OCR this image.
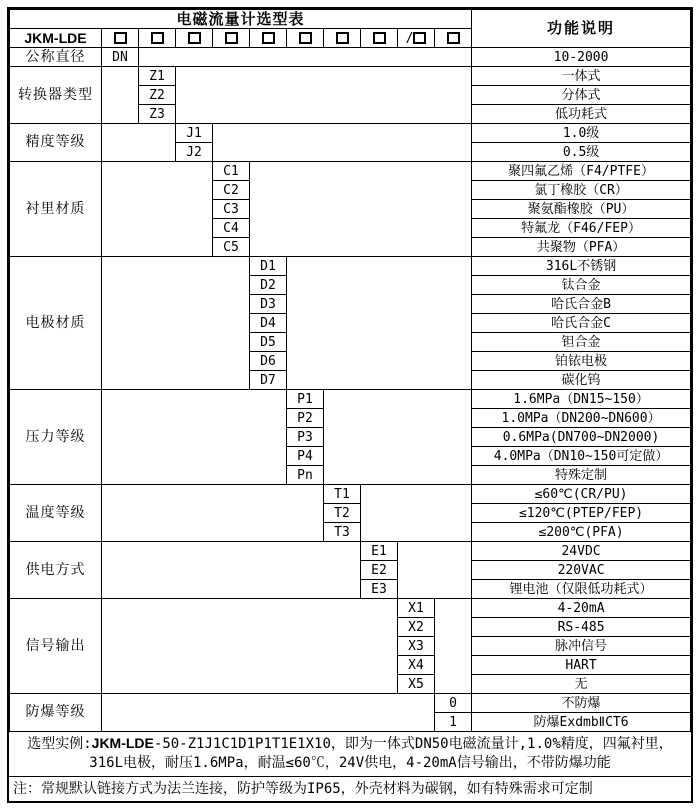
电磁流量计选型表											功能说明
JKM-LDE									/		
公称直径	DN										10-2000
转换器类型		Z1									一体式
		Z2									分体式
		Z3									低功耗式
精度等级			J1								1.0级
			J2								0.5级
衬里材质				C1							聚四氟乙烯（F4/PTFE）
				C2							氯丁橡胶（CR）
				C3							聚氨酯橡胶（PU）
				C4							特氟龙（F46/FEP）
				C5							共聚物（PFA）
电极材质					D1						316L不锈钢
					D2						钛合金
					D3						哈氏合金B
					D4						哈氏合金C
					D5						钽合金
					D6						铂铱电极
					D7						碳化钨
压力等级						P1					1.6MPa（DN15~150）
						P2					1.0MPa（DN200~DN600）
						P3					0.6MPa(DN700~DN2000)
						P4					4.0MPa（DN10~150可定做）
						Pn					特殊定制
温度等级							T1				≤60℃(CR/PU)
							T2				≤120℃(PTEP/FEP)
							T3				≤200℃(PFA)
供电方式								E1			24VDC
								E2			220VAC
								E3			锂电池（仅限低功耗式）
信号输出									X1		4-20mA
									X2		RS-485
									X3		脉冲信号
									X4		HART
									X5		无
防爆等级										0	不防爆
										1	防爆ExdmbⅡCT6
选型实例:JKM-LDE-50-Z1J1C1D1P1T1E1X10，即为一体式DN50电磁流量计,1.0%精度，四氟衬里，316L电极，耐压1.6MPa，耐温≤60℃，24V供电，4-20mA信号输出，不带防爆功能
注：常规默认链接方式为法兰连接，防护等级为IP65，外壳材料为碳钢，如有特殊需求可定制
